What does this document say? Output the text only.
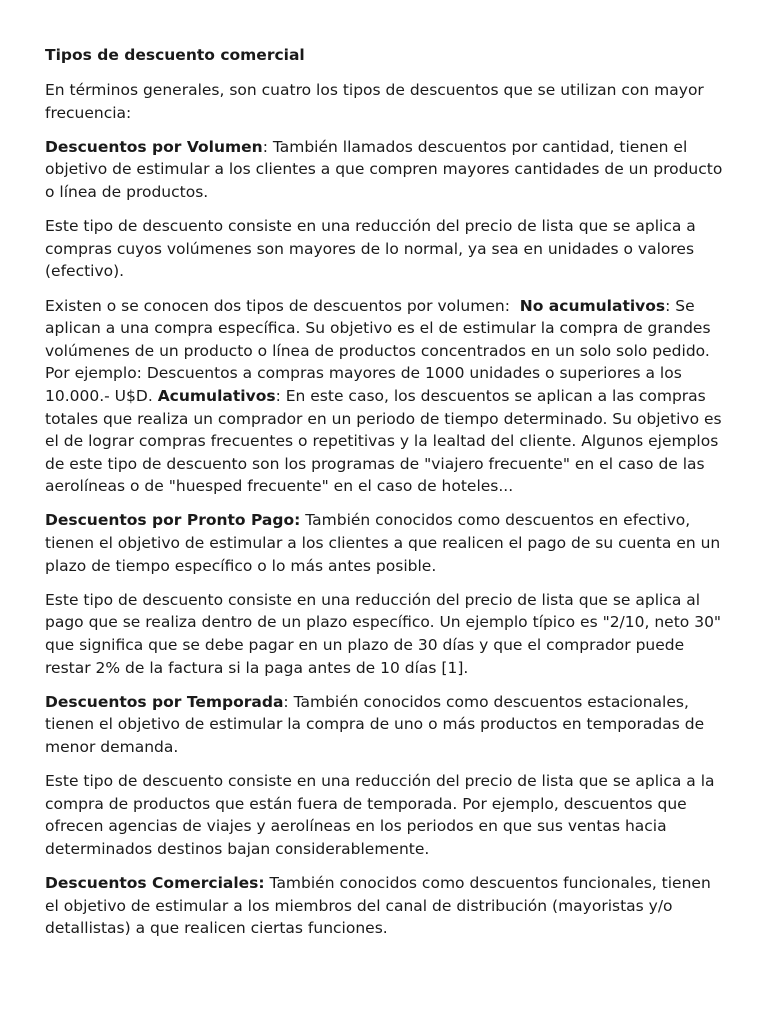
Tipos de descuento comercial

En términos generales, son cuatro los tipos de descuentos que se utilizan con mayor frecuencia:

Descuentos por Volumen: También llamados descuentos por cantidad, tienen el objetivo de estimular a los clientes a que compren mayores cantidades de un producto o línea de productos.

Este tipo de descuento consiste en una reducción del precio de lista que se aplica a compras cuyos volúmenes son mayores de lo normal, ya sea en unidades o valores (efectivo).

Existen o se conocen dos tipos de descuentos por volumen:  No acumulativos: Se aplican a una compra específica. Su objetivo es el de estimular la compra de grandes volúmenes de un producto o línea de productos concentrados en un solo solo pedido. Por ejemplo: Descuentos a compras mayores de 1000 unidades o superiores a los 10.000.- U$D. Acumulativos: En este caso, los descuentos se aplican a las compras totales que realiza un comprador en un periodo de tiempo determinado. Su objetivo es el de lograr compras frecuentes o repetitivas y la lealtad del cliente. Algunos ejemplos de este tipo de descuento son los programas de "viajero frecuente" en el caso de las aerolíneas o de "huesped frecuente" en el caso de hoteles...

Descuentos por Pronto Pago: También conocidos como descuentos en efectivo, tienen el objetivo de estimular a los clientes a que realicen el pago de su cuenta en un plazo de tiempo específico o lo más antes posible.

Este tipo de descuento consiste en una reducción del precio de lista que se aplica al pago que se realiza dentro de un plazo específico. Un ejemplo típico es "2/10, neto 30" que significa que se debe pagar en un plazo de 30 días y que el comprador puede restar 2% de la factura si la paga antes de 10 días [1].

Descuentos por Temporada: También conocidos como descuentos estacionales, tienen el objetivo de estimular la compra de uno o más productos en temporadas de menor demanda.

Este tipo de descuento consiste en una reducción del precio de lista que se aplica a la compra de productos que están fuera de temporada. Por ejemplo, descuentos que ofrecen agencias de viajes y aerolíneas en los periodos en que sus ventas hacia determinados destinos bajan considerablemente.

Descuentos Comerciales: También conocidos como descuentos funcionales, tienen el objetivo de estimular a los miembros del canal de distribución (mayoristas y/o detallistas) a que realicen ciertas funciones.
